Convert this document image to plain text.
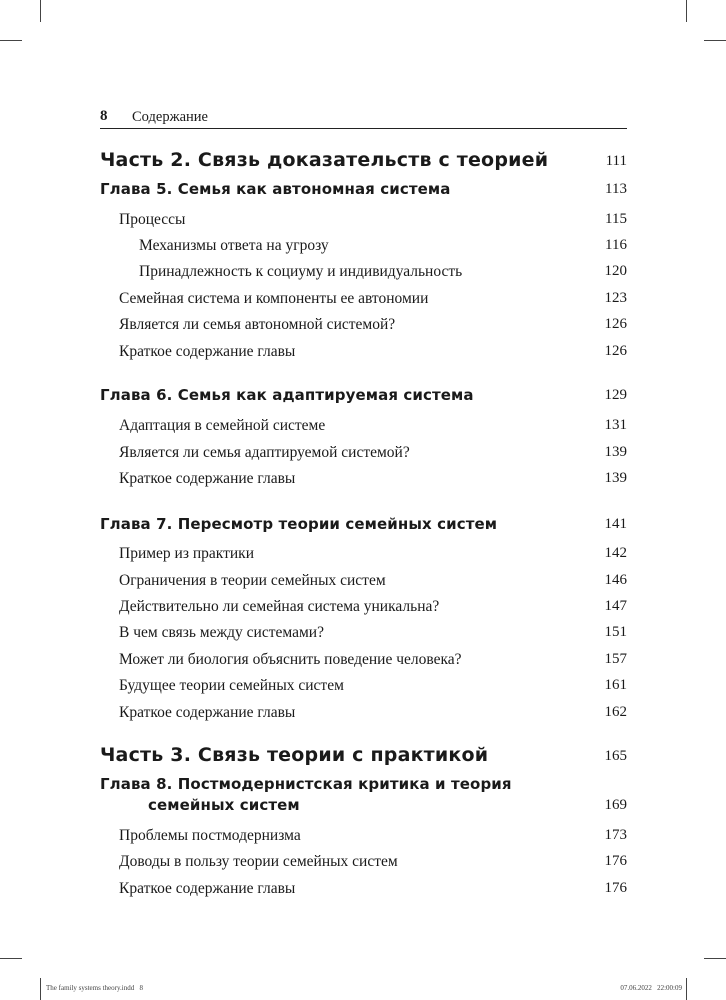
8 Содержание
Часть 2. Связь доказательств с теорией	111
Глава 5. Семья как автономная система	113
Процессы	115
Механизмы ответа на угрозу	116
Принадлежность к социуму и индивидуальность	120
Семейная система и компоненты ее автономии	123
Является ли семья автономной системой?	126
Краткое содержание главы	126
Глава 6. Семья как адаптируемая система	129
Адаптация в семейной системе	131
Является ли семья адаптируемой системой?	139
Краткое содержание главы	139
Глава 7. Пересмотр теории семейных систем	141
Пример из практики	142
Ограничения в теории семейных систем	146
Действительно ли семейная система уникальна?	147
В чем связь между системами?	151
Может ли биология объяснить поведение человека?	157
Будущее теории семейных систем	161
Краткое содержание главы	162
Часть 3. Связь теории с практикой	165
Глава 8. Постмодернистская критика и теория
семейных систем	169
Проблемы постмодернизма	173
Доводы в пользу теории семейных систем	176
Краткое содержание главы	176
The family systems theory.indd   8	07.06.2022   22:00:09
